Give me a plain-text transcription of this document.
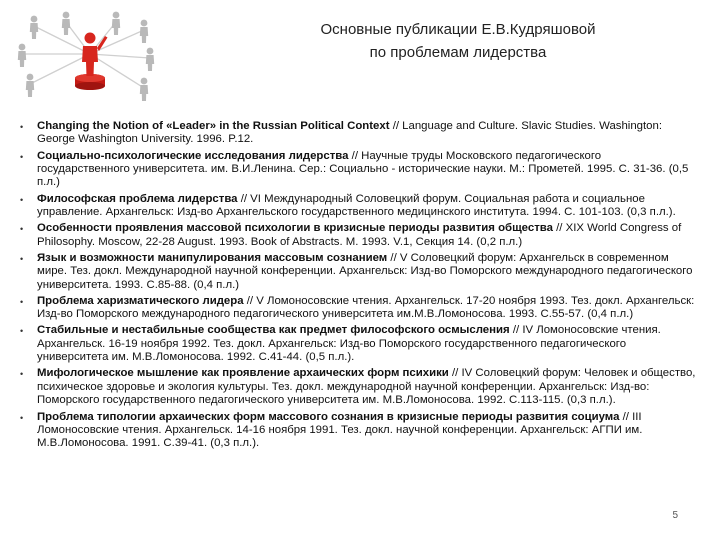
Основные публикации Е.В.Кудряшовой
по проблемам лидерства
• Changing the Notion of «Leader» in the Russian Political Context // Language and Culture. Slavic Studies. Washington: George Washington University. 1996. P.12.
• Социально-психологические исследования лидерства // Научные труды Московского педагогического государственного университета. им. В.И.Ленина. Сер.: Социально - исторические науки. М.: Прометей. 1995. С. 31-36. (0,5 п.л.)
• Философская проблема лидерства // VI Международный Соловецкий форум. Социальная работа и социальное управление. Архангельск: Изд-во Архангельского государственного медицинского института. 1994. С. 101-103. (0,3 п.л.).
• Особенности проявления массовой психологии в кризисные периоды развития общества // XIX World Congress of Philosophy. Moscow, 22-28 August. 1993. Book of Abstracts. M. 1993. V.1, Секция 14. (0,2 п.л.)
• Язык и возможности манипулирования массовым сознанием // V Соловецкий форум: Архангельск в современном мире. Тез. докл. Международной научной конференции. Архангельск: Изд-во Поморского международного педагогического университета. 1993. С.85-88. (0,4 п.л.)
• Проблема харизматического лидера // V Ломоносовские чтения. Архангельск. 17-20 ноября 1993. Тез. докл. Архангельск: Изд-во Поморского международного педагогического университета им.М.В.Ломоносова. 1993. С.55-57. (0,4 п.л.)
• Стабильные и нестабильные сообщества как предмет философского осмысления // IV Ломоносовские чтения. Архангельск. 16-19 ноября 1992. Тез. докл. Архангельск: Изд-во Поморского государственного педагогического университета им. М.В.Ломоносова. 1992. С.41-44. (0,5 п.л.).
• Мифологическое мышление как проявление архаических форм психики // IV Соловецкий форум: Человек и общество, психическое здоровье и экология культуры. Тез. докл. международной научной конференции. Архангельск: Изд-во: Поморского государственного педагогического университета им. М.В.Ломоносова. 1992. С.113-115. (0,3 п.л.).
• Проблема типологии архаических форм массового сознания в кризисные периоды развития социума // III Ломоносовские чтения. Архангельск. 14-16 ноября 1991. Тез. докл. научной конференции. Архангельск: АГПИ им. М.В.Ломоносова. 1991. С.39-41. (0,3 п.л.).
5
